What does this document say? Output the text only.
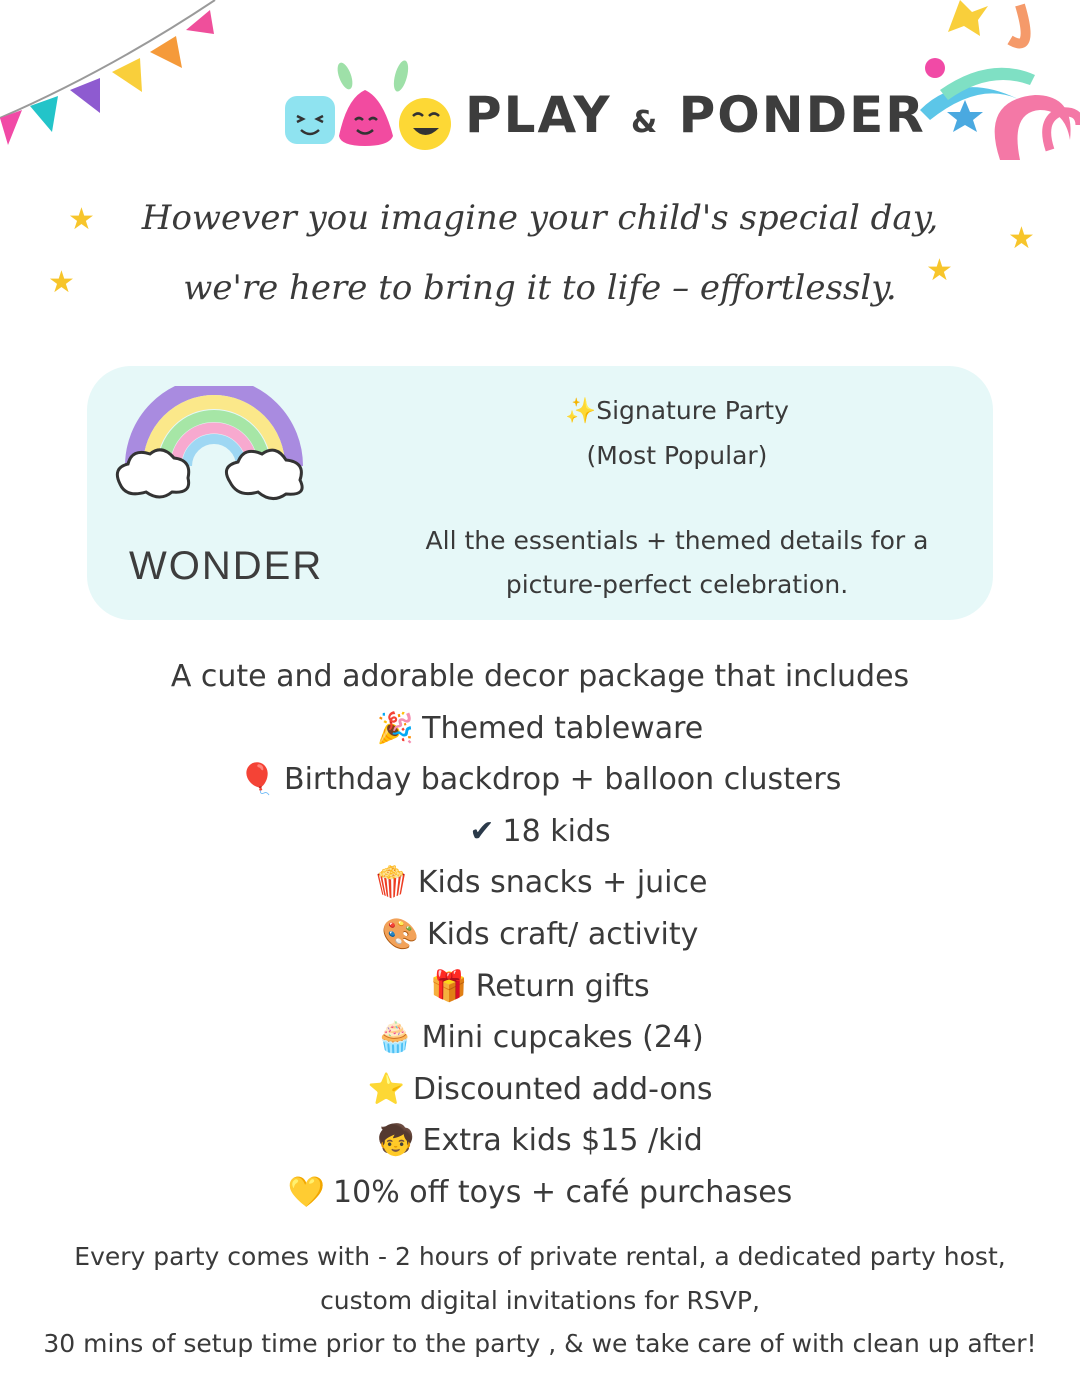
PLAY & PONDER
★
★
★
★
However you imagine your child's special day,
we're here to bring it to life – effortlessly.
WONDER
✨Signature Party
(Most Popular)
All the essentials + themed details for a
picture-perfect celebration.
A cute and adorable decor package that includes
🎉 Themed tableware
🎈 Birthday backdrop + balloon clusters
✔ 18 kids
🍿 Kids snacks + juice
🎨 Kids craft/ activity
🎁 Return gifts
🧁 Mini cupcakes (24)
⭐ Discounted add-ons
🧒 Extra kids $15 /kid
💛 10% off toys + café purchases
Every party comes with - 2 hours of private rental, a dedicated party host,
custom digital invitations for RSVP,
30 mins of setup time prior to the party , & we take care of with clean up after!
